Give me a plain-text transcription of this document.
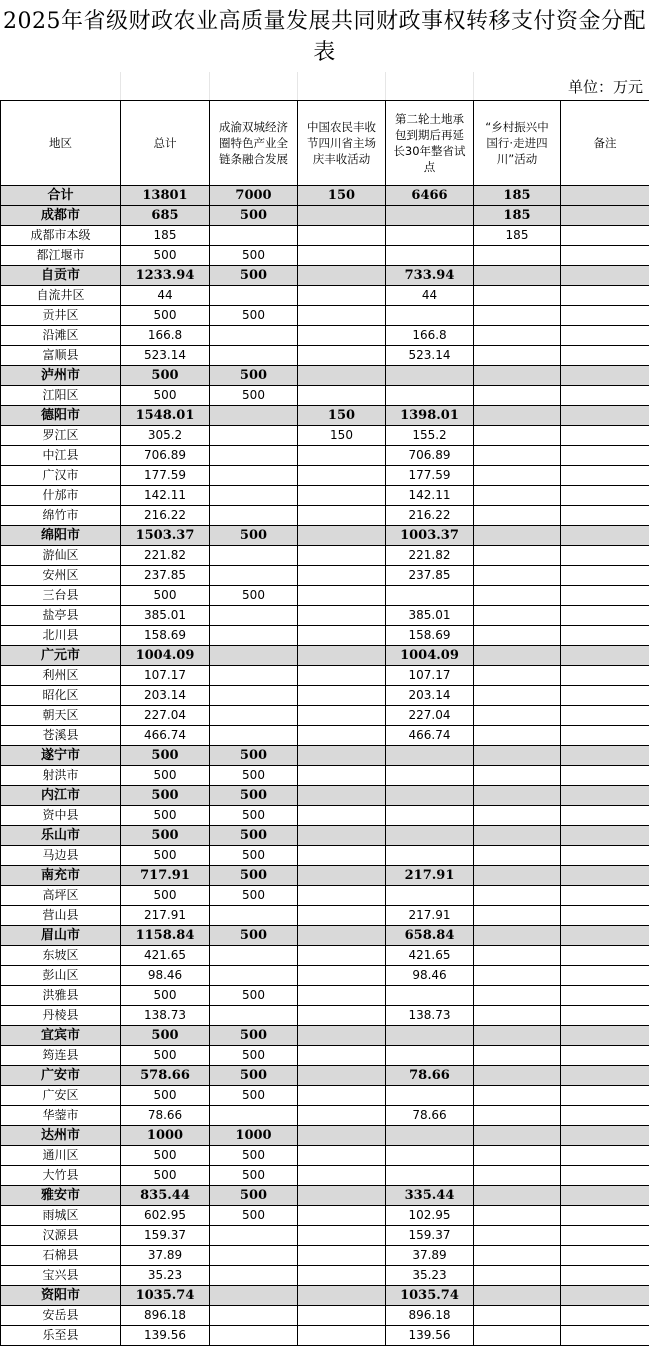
2025年省级财政农业高质量发展共同财政事权转移支付资金分配表
单位：万元
地区	总计	成渝双城经济圈特色产业全链条融合发展	中国农民丰收节四川省主场庆丰收活动	第二轮土地承包到期后再延长30年整省试点	“乡村振兴中国行·走进四川”活动	备注
合计	13801	7000	150	6466	185	
成都市	685	500			185	
成都市本级	185				185	
都江堰市	500	500				
自贡市	1233.94	500		733.94		
自流井区	44			44		
贡井区	500	500				
沿滩区	166.8			166.8		
富顺县	523.14			523.14		
泸州市	500	500				
江阳区	500	500				
德阳市	1548.01		150	1398.01		
罗江区	305.2		150	155.2		
中江县	706.89			706.89		
广汉市	177.59			177.59		
什邡市	142.11			142.11		
绵竹市	216.22			216.22		
绵阳市	1503.37	500		1003.37		
游仙区	221.82			221.82		
安州区	237.85			237.85		
三台县	500	500				
盐亭县	385.01			385.01		
北川县	158.69			158.69		
广元市	1004.09			1004.09		
利州区	107.17			107.17		
昭化区	203.14			203.14		
朝天区	227.04			227.04		
苍溪县	466.74			466.74		
遂宁市	500	500				
射洪市	500	500				
内江市	500	500				
资中县	500	500				
乐山市	500	500				
马边县	500	500				
南充市	717.91	500		217.91		
高坪区	500	500				
营山县	217.91			217.91		
眉山市	1158.84	500		658.84		
东坡区	421.65			421.65		
彭山区	98.46			98.46		
洪雅县	500	500				
丹棱县	138.73			138.73		
宜宾市	500	500				
筠连县	500	500				
广安市	578.66	500		78.66		
广安区	500	500				
华蓥市	78.66			78.66		
达州市	1000	1000				
通川区	500	500				
大竹县	500	500				
雅安市	835.44	500		335.44		
雨城区	602.95	500		102.95		
汉源县	159.37			159.37		
石棉县	37.89			37.89		
宝兴县	35.23			35.23		
资阳市	1035.74			1035.74		
安岳县	896.18			896.18		
乐至县	139.56			139.56		
